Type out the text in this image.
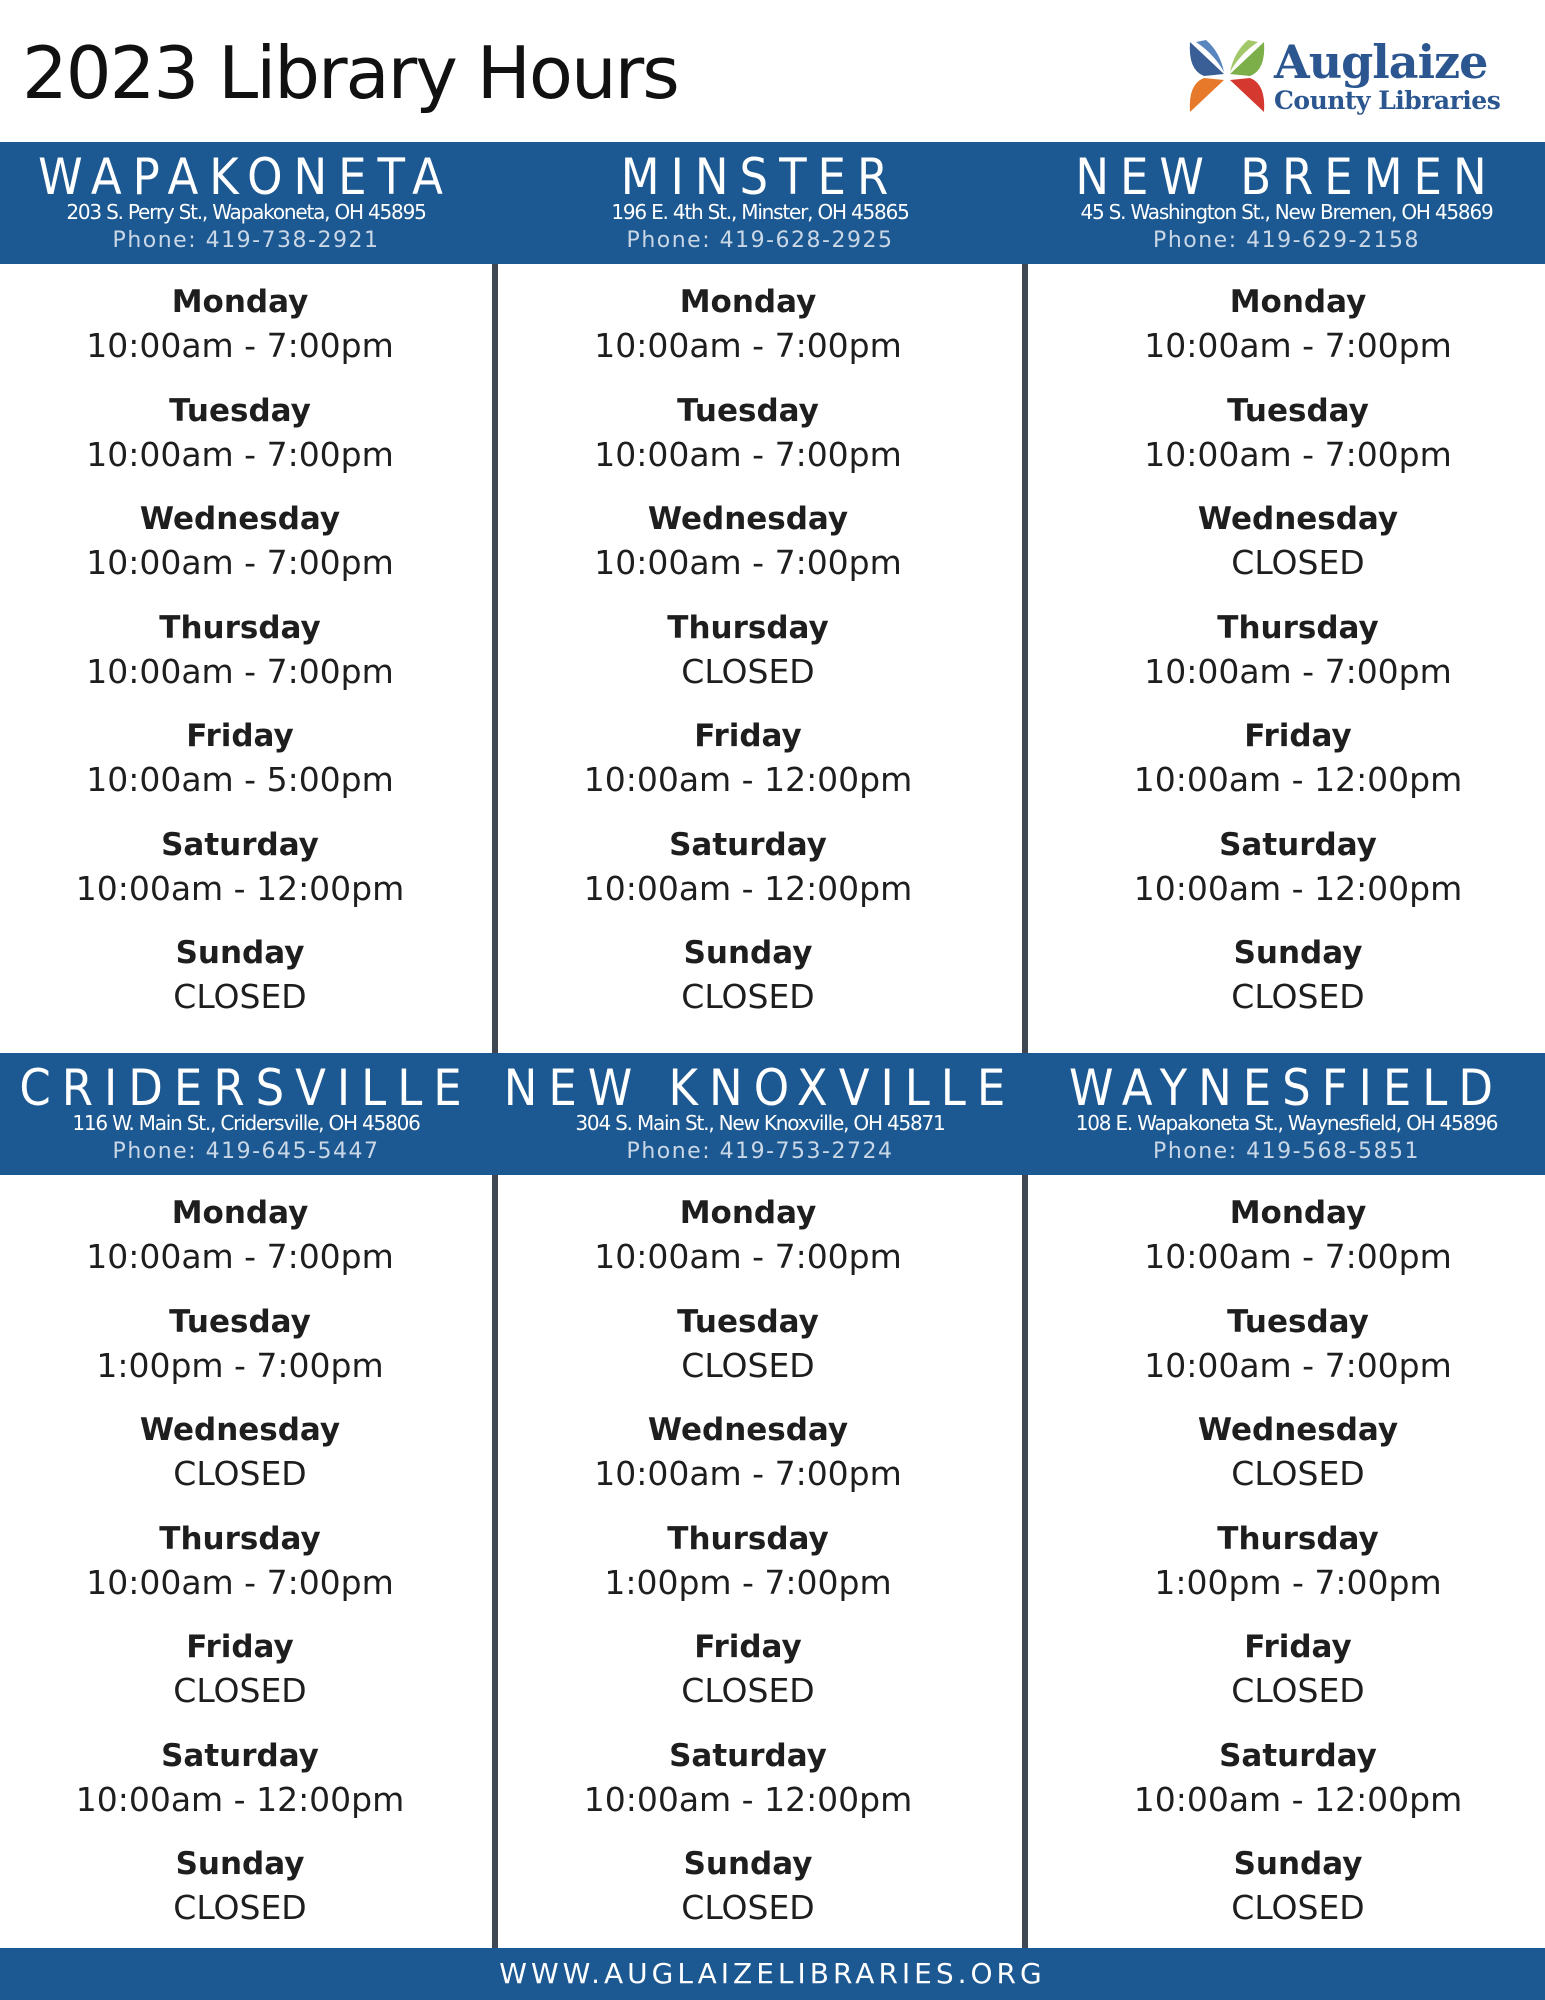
2023 Library Hours	Auglaize
County Libraries
WAPAKONETA
203 S. Perry St., Wapakoneta, OH 45895
Phone: 419-738-2921
MINSTER
196 E. 4th St., Minster, OH 45865
Phone: 419-628-2925
NEW BREMEN
45 S. Washington St., New Bremen, OH 45869
Phone: 419-629-2158
CRIDERSVILLE
116 W. Main St., Cridersville, OH 45806
Phone: 419-645-5447
NEW KNOXVILLE
304 S. Main St., New Knoxville, OH 45871
Phone: 419-753-2724
WAYNESFIELD
108 E. Wapakoneta St., Waynesfield, OH 45896
Phone: 419-568-5851
Monday
10:00am - 7:00pm
Tuesday
10:00am - 7:00pm
Wednesday
10:00am - 7:00pm
Thursday
10:00am - 7:00pm
Friday
10:00am - 5:00pm
Saturday
10:00am - 12:00pm
Sunday
CLOSED
Monday
10:00am - 7:00pm
Tuesday
10:00am - 7:00pm
Wednesday
10:00am - 7:00pm
Thursday
CLOSED
Friday
10:00am - 12:00pm
Saturday
10:00am - 12:00pm
Sunday
CLOSED
Monday
10:00am - 7:00pm
Tuesday
10:00am - 7:00pm
Wednesday
CLOSED
Thursday
10:00am - 7:00pm
Friday
10:00am - 12:00pm
Saturday
10:00am - 12:00pm
Sunday
CLOSED
Monday
10:00am - 7:00pm
Tuesday
1:00pm - 7:00pm
Wednesday
CLOSED
Thursday
10:00am - 7:00pm
Friday
CLOSED
Saturday
10:00am - 12:00pm
Sunday
CLOSED
Monday
10:00am - 7:00pm
Tuesday
CLOSED
Wednesday
10:00am - 7:00pm
Thursday
1:00pm - 7:00pm
Friday
CLOSED
Saturday
10:00am - 12:00pm
Sunday
CLOSED
Monday
10:00am - 7:00pm
Tuesday
10:00am - 7:00pm
Wednesday
CLOSED
Thursday
1:00pm - 7:00pm
Friday
CLOSED
Saturday
10:00am - 12:00pm
Sunday
CLOSED
WWW.AUGLAIZELIBRARIES.ORG
